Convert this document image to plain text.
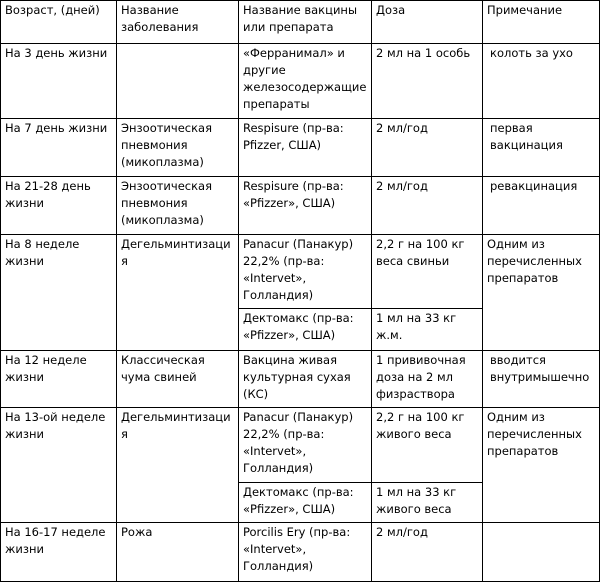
Возраст, (дней)	Название заболевания	Название вакцины или препарата	Доза	Примечание

На 3 день жизни		«Ферранимал» и другие железосодержащие препараты	2 мл на 1 особь	колоть за ухо

На 7 день жизни	Энзоотическая пневмония (микоплазма)	Respisure (пр-ва: Pfizzer, США)	2 мл/год	первая вакцинация

На 21-28 день жизни	Энзоотическая пневмония (микоплазма)	Respisure (пр-ва: «Pfizzer», США)	2 мл/год	ревакцинация

На 8 неделе жизни	Дегельминтизация	Panacur (Панакур) 22,2% (пр-ва: «Intervet», Голландия)	2,2 г на 100 кг веса свиньи	Одним из перечисленных препаратов

		Дектомакс (пр-ва: «Pfizzer», США)	1 мл на 33 кг ж.м.	

На 12 неделе жизни	Классическая чума свиней	Вакцина живая культурная сухая (КС)	1 прививочная доза на 2 мл физраствора	вводится внутримышечно

На 13-ой неделе жизни	Дегельминтизация	Panacur (Панакур) 22,2% (пр-ва: «Intervet», Голландия)	2,2 г на 100 кг живого веса	Одним из перечисленных препаратов

		Дектомакс (пр-ва: «Pfizzer», США)	1 мл на 33 кг живого веса	

На 16-17 неделе жизни	Рожа	Porcilis Ery (пр-ва: «Intervet», Голландия)	2 мл/год	
